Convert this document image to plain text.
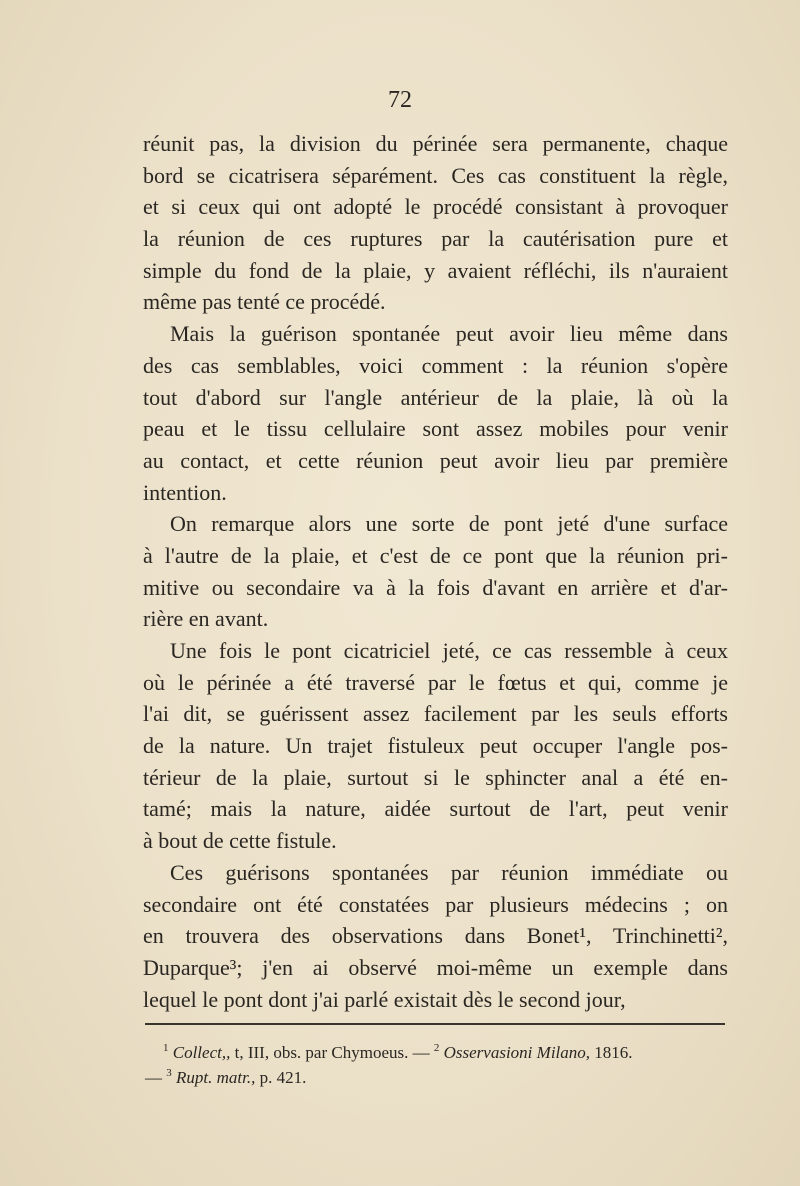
72
réunit pas, la division du périnée sera permanente, chaque
bord se cicatrisera séparément. Ces cas constituent la règle,
et si ceux qui ont adopté le procédé consistant à provoquer
la réunion de ces ruptures par la cautérisation pure et
simple du fond de la plaie, y avaient réfléchi, ils n'auraient
même pas tenté ce procédé.
Mais la guérison spontanée peut avoir lieu même dans
des cas semblables, voici comment : la réunion s'opère
tout d'abord sur l'angle antérieur de la plaie, là où la
peau et le tissu cellulaire sont assez mobiles pour venir
au contact, et cette réunion peut avoir lieu par première
intention.
On remarque alors une sorte de pont jeté d'une surface
à l'autre de la plaie, et c'est de ce pont que la réunion pri-
mitive ou secondaire va à la fois d'avant en arrière et d'ar-
rière en avant.
Une fois le pont cicatriciel jeté, ce cas ressemble à ceux
où le périnée a été traversé par le fœtus et qui, comme je
l'ai dit, se guérissent assez facilement par les seuls efforts
de la nature. Un trajet fistuleux peut occuper l'angle pos-
térieur de la plaie, surtout si le sphincter anal a été en-
tamé; mais la nature, aidée surtout de l'art, peut venir
à bout de cette fistule.
Ces guérisons spontanées par réunion immédiate ou
secondaire ont été constatées par plusieurs médecins ; on
en trouvera des observations dans Bonet¹, Trinchinetti²,
Duparque³; j'en ai observé moi-même un exemple dans
lequel le pont dont j'ai parlé existait dès le second jour,
$^1$ Collect,, t, III, obs. par Chymoeus. — $^2$ Osservasioni Milano, 1816.
— $^3$ Rupt. matr., p. 421.
